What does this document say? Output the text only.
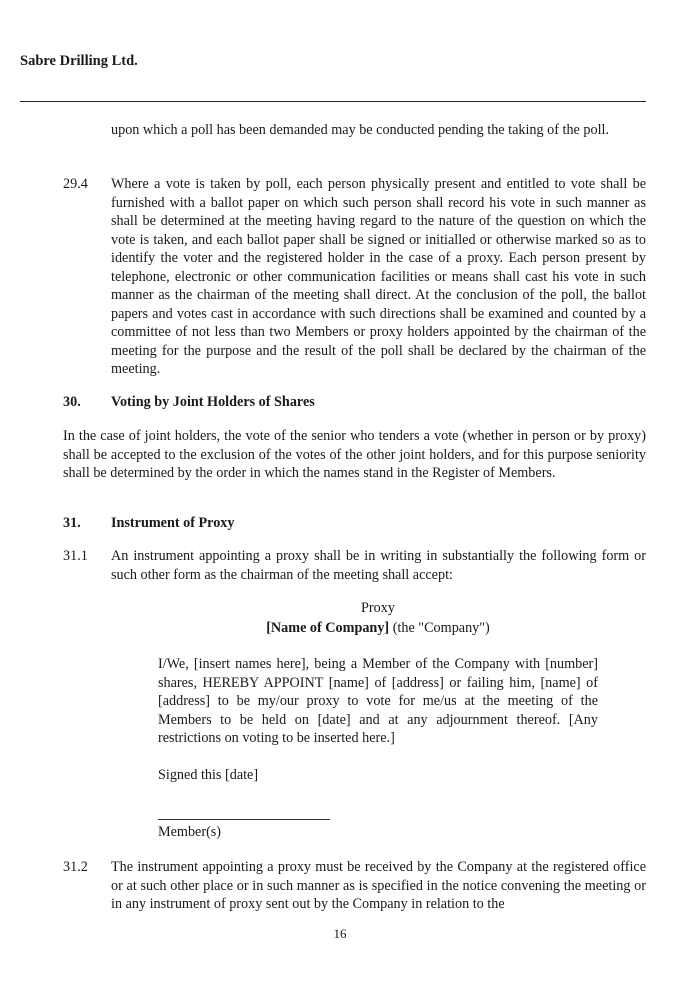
Sabre Drilling Ltd.
upon which a poll has been demanded may be conducted pending the taking of the poll.
29.4 Where a vote is taken by poll, each person physically present and entitled to vote shall be furnished with a ballot paper on which such person shall record his vote in such manner as shall be determined at the meeting having regard to the nature of the question on which the vote is taken, and each ballot paper shall be signed or initialled or otherwise marked so as to identify the voter and the registered holder in the case of a proxy. Each person present by telephone, electronic or other communication facilities or means shall cast his vote in such manner as the chairman of the meeting shall direct. At the conclusion of the poll, the ballot papers and votes cast in accordance with such directions shall be examined and counted by a committee of not less than two Members or proxy holders appointed by the chairman of the meeting for the purpose and the result of the poll shall be declared by the chairman of the meeting.
30. Voting by Joint Holders of Shares
In the case of joint holders, the vote of the senior who tenders a vote (whether in person or by proxy) shall be accepted to the exclusion of the votes of the other joint holders, and for this purpose seniority shall be determined by the order in which the names stand in the Register of Members.
31. Instrument of Proxy
31.1 An instrument appointing a proxy shall be in writing in substantially the following form or such other form as the chairman of the meeting shall accept:
Proxy
[Name of Company] (the "Company")
I/We, [insert names here], being a Member of the Company with [number] shares, HEREBY APPOINT [name] of [address] or failing him, [name] of [address] to be my/our proxy to vote for me/us at the meeting of the Members to be held on [date] and at any adjournment thereof. [Any restrictions on voting to be inserted here.]
Signed this [date]
Member(s)
31.2 The instrument appointing a proxy must be received by the Company at the registered office or at such other place or in such manner as is specified in the notice convening the meeting or in any instrument of proxy sent out by the Company in relation to the
16
